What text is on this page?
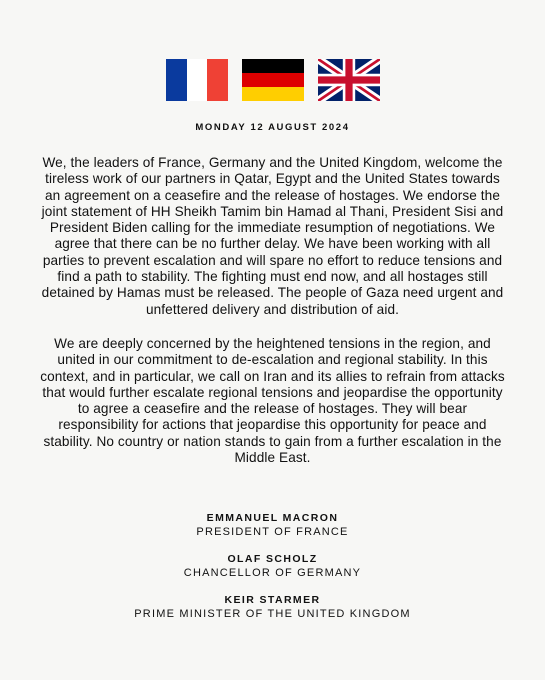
MONDAY 12 AUGUST 2024

We, the leaders of France, Germany and the United Kingdom, welcome the tireless work of our partners in Qatar, Egypt and the United States towards an agreement on a ceasefire and the release of hostages. We endorse the joint statement of HH Sheikh Tamim bin Hamad al Thani, President Sisi and President Biden calling for the immediate resumption of negotiations. We agree that there can be no further delay. We have been working with all parties to prevent escalation and will spare no effort to reduce tensions and find a path to stability. The fighting must end now, and all hostages still detained by Hamas must be released. The people of Gaza need urgent and unfettered delivery and distribution of aid.

We are deeply concerned by the heightened tensions in the region, and united in our commitment to de-escalation and regional stability. In this context, and in particular, we call on Iran and its allies to refrain from attacks that would further escalate regional tensions and jeopardise the opportunity to agree a ceasefire and the release of hostages. They will bear responsibility for actions that jeopardise this opportunity for peace and stability. No country or nation stands to gain from a further escalation in the Middle East.

EMMANUEL MACRON
PRESIDENT OF FRANCE
OLAF SCHOLZ
CHANCELLOR OF GERMANY
KEIR STARMER
PRIME MINISTER OF THE UNITED KINGDOM
